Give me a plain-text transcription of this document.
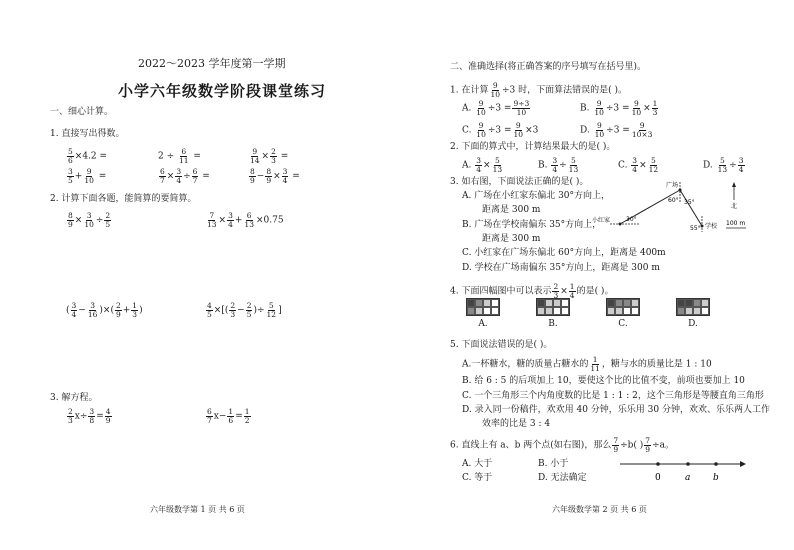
2022～2023 学年度第一学期
小学六年级数学阶段课堂练习
一、细心计算。
1. 直接写出得数。
$\frac{5}{6} \times 4.2$ =	$2 \div \frac{6}{11}$ =	$\frac{9}{14} \times \frac{2}{3}$ =
$\frac{3}{5} + \frac{9}{10}$ =	$\frac{6}{7} \times \frac{3}{4} \div \frac{6}{7}$ =	$\frac{8}{9} - \frac{8}{9} \times \frac{3}{4}$ =
2. 计算下面各题，能简算的要简算。
$\frac{8}{9} \times \frac{3}{10} \div \frac{2}{5}$	$\frac{7}{13} \times \frac{3}{4} + \frac{6}{13} \times 0.75$
( $\frac{3}{4} - \frac{3}{16}$ )×( $\frac{2}{9} + \frac{1}{3}$ )	$\frac{4}{5}$ ×[( $\frac{2}{3} - \frac{2}{5}$ )÷ $\frac{5}{12}$ ]
3. 解方程。
$\frac{2}{3} x\div \frac{3}{8} = \frac{4}{9}$	$\frac{6}{7} x- \frac{1}{6} = \frac{1}{2}$
六年级数学第 1 页 共 6 页
二、准确选择(将正确答案的序号填写在括号里)。
1. 在计算 $\frac{9}{10} \div 3$ 时，下面算法错误的是( )。
A. $\frac{9}{10} \div 3 = \frac{9\div 3}{10}$	B. $\frac{9}{10} \div 3 = \frac{9}{10} \times \frac{1}{3}$
C. $\frac{9}{10} \div 3 = \frac{9}{10} \times 3$	D. $\frac{9}{10} \div 3 = \frac{9}{10\times 3}$
2. 下面的算式中，计算结果最大的是( )。
A. $\frac{3}{4} \times \frac{5}{13}$	B. $\frac{3}{4} \div \frac{5}{13}$	C. $\frac{3}{4} \times \frac{5}{12}$	D. $\frac{5}{13} \div \frac{3}{4}$
3. 如右图，下面说法正确的是( )。
A. 广场在小红家东偏北 30°方向上，
距离是 300 m
B. 广场在学校南偏东 35°方向上，
距离是 300 m
C. 小红家在广场东偏北 60°方向上，距离是 400m
D. 学校在广场南偏东 35°方向上，距离是 300 m
广场
小红家
学校
60°
30°
35°
55°
北
100 m
4. 下面四幅图中可以表示 $\frac{2}{3} \times \frac{1}{4}$ 的是( )。
A.	B.	C.	D.
5. 下面说法错误的是( )。
A.一杯糖水，糖的质量占糖水的 $\frac{1}{11}$ ，糖与水的质量比是 1 : 10
B. 给 6 : 5 的后项加上 10，要使这个比的比值不变，前项也要加上 10
C. 一个三角形三个内角度数的比是 1 : 1 : 2，这个三角形是等腰直角三角形
D. 录入同一份稿件，欢欢用 40 分钟，乐乐用 30 分钟，欢欢、乐乐两人工作
效率的比是 3 : 4
6. 直线上有 a、b 两个点(如右图)，那么 $\frac{7}{9} \div b$( ) $\frac{7}{9} \div a$。
A. 大于	B. 小于
C. 等于	D. 无法确定	0	a	b
六年级数学第 2 页 共 6 页
